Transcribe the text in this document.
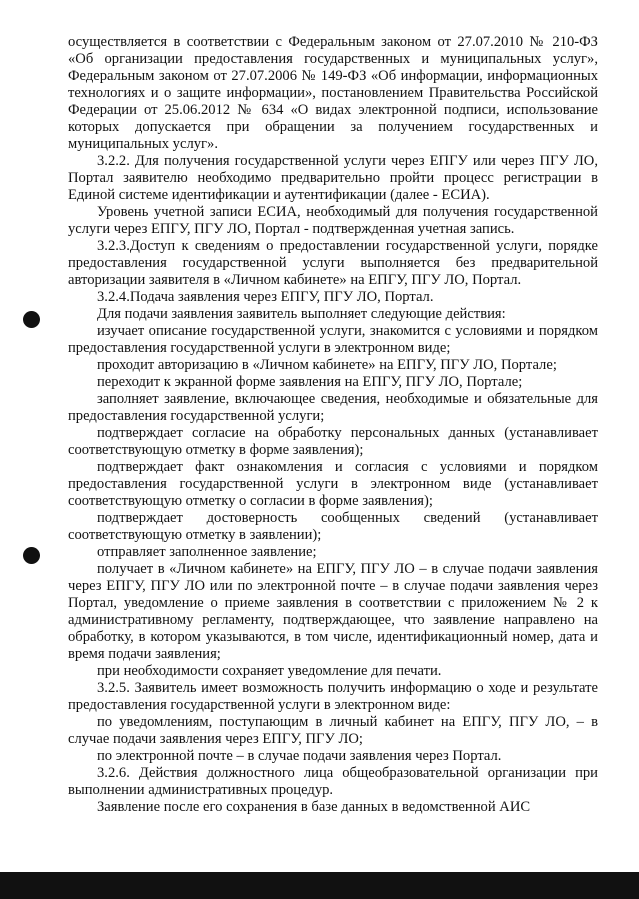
осуществляется в соответствии с Федеральным законом от 27.07.2010 № 210-ФЗ «Об организации предоставления государственных и муниципальных услуг», Федеральным законом от 27.07.2006 № 149-ФЗ «Об информации, информационных технологиях и о защите информации», постановлением Правительства Российской Федерации от 25.06.2012 № 634 «О видах электронной подписи, использование которых допускается при обращении за получением государственных и муниципальных услуг».

3.2.2. Для получения государственной услуги через ЕПГУ или через ПГУ ЛО, Портал заявителю необходимо предварительно пройти процесс регистрации в Единой системе идентификации и аутентификации (далее - ЕСИА).

Уровень учетной записи ЕСИА, необходимый для получения государственной услуги через ЕПГУ, ПГУ ЛО, Портал - подтвержденная учетная запись.

3.2.3.Доступ к сведениям о предоставлении государственной услуги, порядке предоставления государственной услуги выполняется без предварительной авторизации заявителя в «Личном кабинете» на ЕПГУ, ПГУ ЛО, Портал.

3.2.4.Подача заявления через ЕПГУ, ПГУ ЛО, Портал.

Для подачи заявления заявитель выполняет следующие действия:

изучает описание государственной услуги, знакомится с условиями и порядком предоставления государственной услуги в электронном виде;

проходит авторизацию в «Личном кабинете» на ЕПГУ, ПГУ ЛО, Портале;

переходит к экранной форме заявления на ЕПГУ, ПГУ ЛО, Портале;

заполняет заявление, включающее сведения, необходимые и обязательные для предоставления государственной услуги;

подтверждает согласие на обработку персональных данных (устанавливает соответствующую отметку в форме заявления);

подтверждает факт ознакомления и согласия с условиями и порядком предоставления государственной услуги в электронном виде (устанавливает соответствующую отметку о согласии в форме заявления);

подтверждает достоверность сообщенных сведений (устанавливает соответствующую отметку в заявлении);

отправляет заполненное заявление;

получает в «Личном кабинете» на ЕПГУ, ПГУ ЛО – в случае подачи заявления через ЕПГУ, ПГУ ЛО или по электронной почте – в случае подачи заявления через Портал, уведомление о приеме заявления в соответствии с приложением № 2 к административному регламенту, подтверждающее, что заявление направлено на обработку, в котором указываются, в том числе, идентификационный номер, дата и время подачи заявления;

при необходимости сохраняет уведомление для печати.

3.2.5. Заявитель имеет возможность получить информацию о ходе и результате предоставления государственной услуги в электронном виде:

по уведомлениям, поступающим в личный кабинет на ЕПГУ, ПГУ ЛО, – в случае подачи заявления через ЕПГУ, ПГУ ЛО;

по электронной почте – в случае подачи заявления через Портал.

3.2.6. Действия должностного лица общеобразовательной организации при выполнении административных процедур.

Заявление после его сохранения в базе данных в ведомственной АИС
